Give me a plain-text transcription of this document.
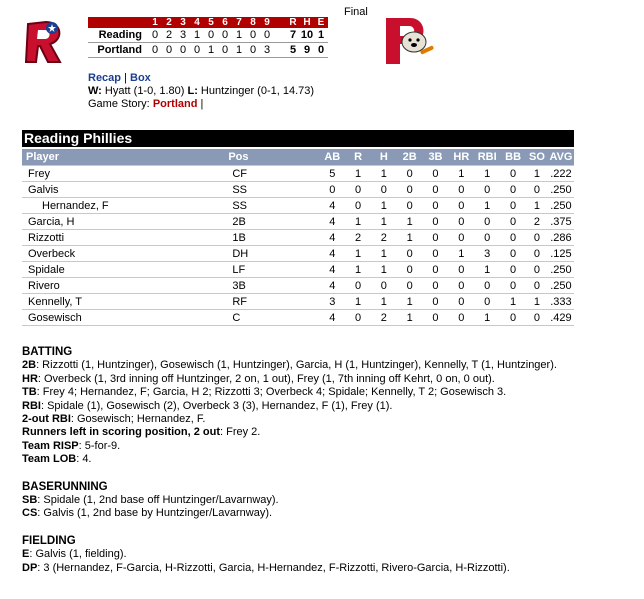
Final
	1	2	3	4	5	6	7	8	9		R	H	E
Reading	0	2	3	1	0	0	1	0	0		7	10	1
Portland	0	0	0	0	1	0	1	0	3		5	9	0
Recap | Box
W: Hyatt (1-0, 1.80) L: Huntzinger (0-1, 14.73)
Game Story: Portland |
Reading Phillies
Player	Pos	AB	R	H	2B	3B	HR	RBI	BB	SO	AVG
Frey	CF	5	1	1	0	0	1	1	0	1	.222
Galvis	SS	0	0	0	0	0	0	0	0	0	.250
Hernandez, F	SS	4	0	1	0	0	0	1	0	1	.250
Garcia, H	2B	4	1	1	1	0	0	0	0	2	.375
Rizzotti	1B	4	2	2	1	0	0	0	0	0	.286
Overbeck	DH	4	1	1	0	0	1	3	0	0	.125
Spidale	LF	4	1	1	0	0	0	1	0	0	.250
Rivero	3B	4	0	0	0	0	0	0	0	0	.250
Kennelly, T	RF	3	1	1	1	0	0	0	1	1	.333
Gosewisch	C	4	0	2	1	0	0	1	0	0	.429
BATTING
2B: Rizzotti (1, Huntzinger), Gosewisch (1, Huntzinger), Garcia, H (1, Huntzinger), Kennelly, T (1, Huntzinger).
HR: Overbeck (1, 3rd inning off Huntzinger, 2 on, 1 out), Frey (1, 7th inning off Kehrt, 0 on, 0 out).
TB: Frey 4; Hernandez, F; Garcia, H 2; Rizzotti 3; Overbeck 4; Spidale; Kennelly, T 2; Gosewisch 3.
RBI: Spidale (1), Gosewisch (2), Overbeck 3 (3), Hernandez, F (1), Frey (1).
2-out RBI: Gosewisch; Hernandez, F.
Runners left in scoring position, 2 out: Frey 2.
Team RISP: 5-for-9.
Team LOB: 4.
BASERUNNING
SB: Spidale (1, 2nd base off Huntzinger/Lavarnway).
CS: Galvis (1, 2nd base by Huntzinger/Lavarnway).
FIELDING
E: Galvis (1, fielding).
DP: 3 (Hernandez, F-Garcia, H-Rizzotti, Garcia, H-Hernandez, F-Rizzotti, Rivero-Garcia, H-Rizzotti).
